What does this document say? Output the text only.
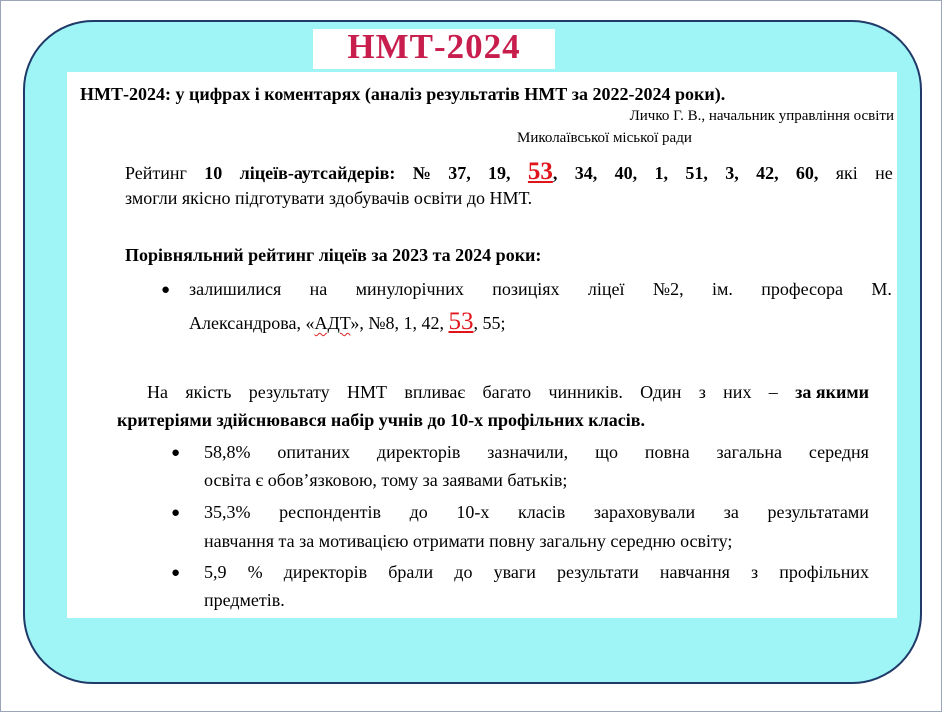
НМТ-2024
НМТ-2024: у цифрах і коментарях (аналіз результатів НМТ за 2022-2024 роки).
Личко Г. В., начальник управління освіти
Миколаївської міської ради
Рейтинг 10 ліцеїв-аутсайдерів: № 37, 19, 53, 34, 40, 1, 51, 3, 42, 60, які не
змогли якісно підготувати здобувачів освіти до НМТ.
Порівняльний рейтинг ліцеїв за 2023 та 2024 роки:
● залишилися на минулорічних позиціях ліцеї №2, ім. професора М.
Александрова, «АДТ», №8, 1, 42, 53, 55;
На якість результату НМТ впливає багато чинників. Один з них – за якими
критеріями здійснювався набір учнів до 10-х профільних класів.
● 58,8% опитаних директорів зазначили, що повна загальна середня
освіта є обов’язковою, тому за заявами батьків;
● 35,3% респондентів до 10-х класів зараховували за результатами
навчання та за мотивацією отримати повну загальну середню освіту;
● 5,9 % директорів брали до уваги результати навчання з профільних
предметів.
